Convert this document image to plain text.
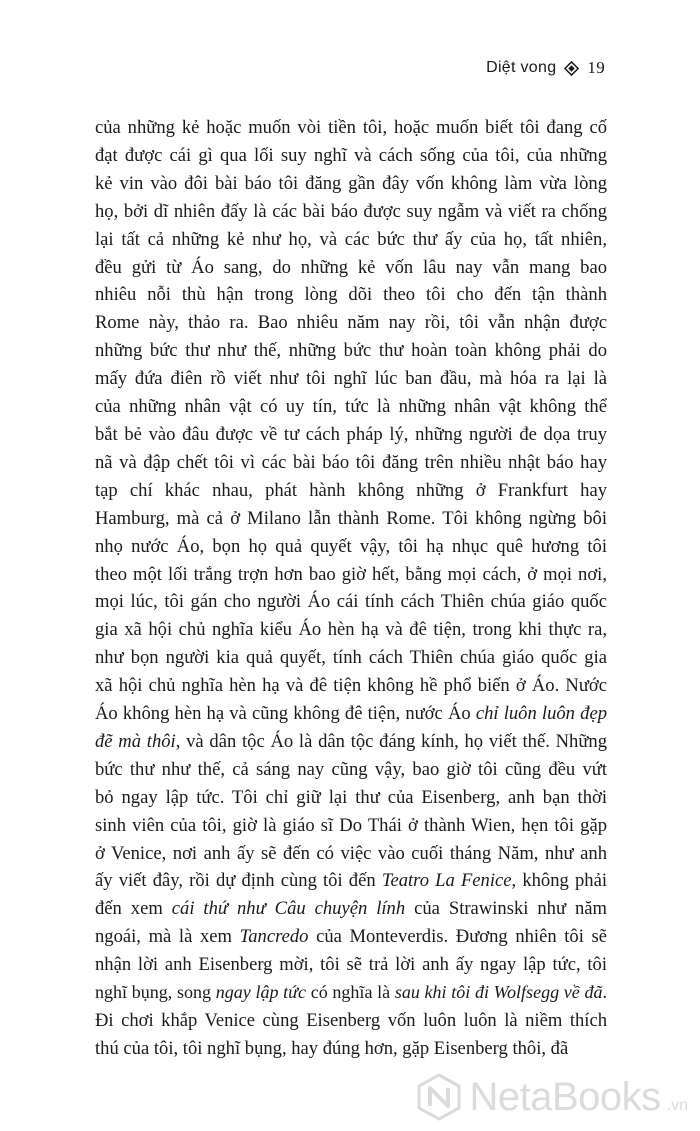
Diệt vong 19
của những kẻ hoặc muốn vòi tiền tôi, hoặc muốn biết tôi đang cố
đạt được cái gì qua lối suy nghĩ và cách sống của tôi, của những
kẻ vin vào đôi bài báo tôi đăng gần đây vốn không làm vừa lòng
họ, bởi dĩ nhiên đấy là các bài báo được suy ngẫm và viết ra chống
lại tất cả những kẻ như họ, và các bức thư ấy của họ, tất nhiên,
đều gửi từ Áo sang, do những kẻ vốn lâu nay vẫn mang bao
nhiêu nỗi thù hận trong lòng dõi theo tôi cho đến tận thành
Rome này, thảo ra. Bao nhiêu năm nay rồi, tôi vẫn nhận được
những bức thư như thế, những bức thư hoàn toàn không phải do
mấy đứa điên rồ viết như tôi nghĩ lúc ban đầu, mà hóa ra lại là
của những nhân vật có uy tín, tức là những nhân vật không thể
bắt bẻ vào đâu được về tư cách pháp lý, những người đe dọa truy
nã và đập chết tôi vì các bài báo tôi đăng trên nhiều nhật báo hay
tạp chí khác nhau, phát hành không những ở Frankfurt hay
Hamburg, mà cả ở Milano lẫn thành Rome. Tôi không ngừng bôi
nhọ nước Áo, bọn họ quả quyết vậy, tôi hạ nhục quê hương tôi
theo một lối trắng trợn hơn bao giờ hết, bằng mọi cách, ở mọi nơi,
mọi lúc, tôi gán cho người Áo cái tính cách Thiên chúa giáo quốc
gia xã hội chủ nghĩa kiểu Áo hèn hạ và đê tiện, trong khi thực ra,
như bọn người kia quả quyết, tính cách Thiên chúa giáo quốc gia
xã hội chủ nghĩa hèn hạ và đê tiện không hề phổ biến ở Áo. Nước
Áo không hèn hạ và cũng không đê tiện, nước Áo chỉ luôn luôn đẹp
đẽ mà thôi, và dân tộc Áo là dân tộc đáng kính, họ viết thế. Những
bức thư như thế, cả sáng nay cũng vậy, bao giờ tôi cũng đều vứt
bỏ ngay lập tức. Tôi chỉ giữ lại thư của Eisenberg, anh bạn thời
sinh viên của tôi, giờ là giáo sĩ Do Thái ở thành Wien, hẹn tôi gặp
ở Venice, nơi anh ấy sẽ đến có việc vào cuối tháng Năm, như anh
ấy viết đây, rồi dự định cùng tôi đến Teatro La Fenice, không phải
đến xem cái thứ như Câu chuyện lính của Strawinski như năm
ngoái, mà là xem Tancredo của Monteverdis. Đương nhiên tôi sẽ
nhận lời anh Eisenberg mời, tôi sẽ trả lời anh ấy ngay lập tức, tôi
nghĩ bụng, song ngay lập tức có nghĩa là sau khi tôi đi Wolfsegg về đã.
Đi chơi khắp Venice cùng Eisenberg vốn luôn luôn là niềm thích
thú của tôi, tôi nghĩ bụng, hay đúng hơn, gặp Eisenberg thôi, đã
NetaBooks .vn
